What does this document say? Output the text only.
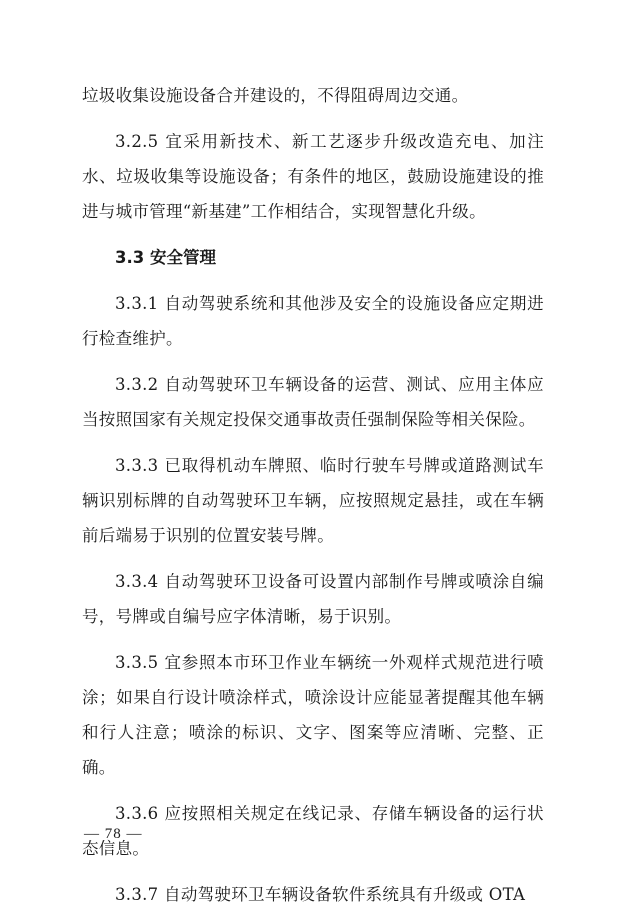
垃圾收集设施设备合并建设的，不得阻碍周边交通。

3.2.5 宜采用新技术、新工艺逐步升级改造充电、加注水、垃圾收集等设施设备；有条件的地区，鼓励设施建设的推进与城市管理“新基建”工作相结合，实现智慧化升级。

3.3 安全管理

3.3.1 自动驾驶系统和其他涉及安全的设施设备应定期进行检查维护。

3.3.2 自动驾驶环卫车辆设备的运营、测试、应用主体应当按照国家有关规定投保交通事故责任强制保险等相关保险。

3.3.3 已取得机动车牌照、临时行驶车号牌或道路测试车辆识别标牌的自动驾驶环卫车辆，应按照规定悬挂，或在车辆前后端易于识别的位置安装号牌。

3.3.4 自动驾驶环卫设备可设置内部制作号牌或喷涂自编号，号牌或自编号应字体清晰，易于识别。

3.3.5 宜参照本市环卫作业车辆统一外观样式规范进行喷涂；如果自行设计喷涂样式，喷涂设计应能显著提醒其他车辆和行人注意；喷涂的标识、文字、图案等应清晰、完整、正确。

3.3.6 应按照相关规定在线记录、存储车辆设备的运行状态信息。

3.3.7 自动驾驶环卫车辆设备软件系统具有升级或 OTA

— 78 —
